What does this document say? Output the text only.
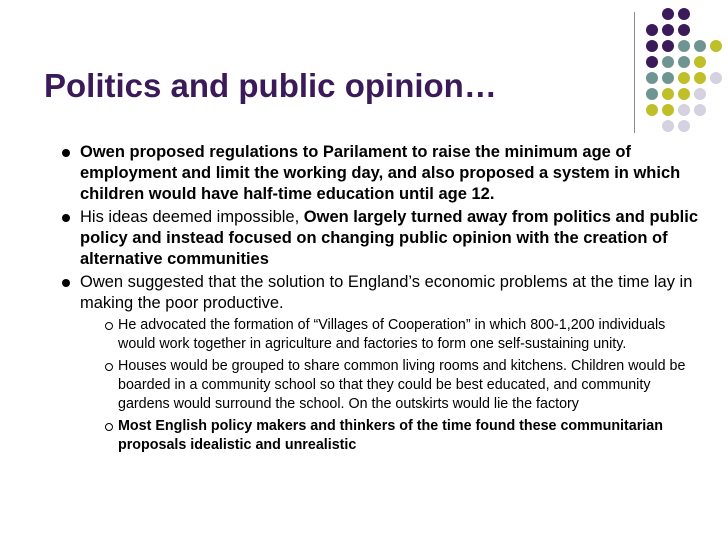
Politics and public opinion…
Owen proposed regulations to Parilament to raise the minimum age of employment and limit the working day, and also proposed a system in which children would have half-time education until age 12.
His ideas deemed impossible, Owen largely turned away from politics and public policy and instead focused on changing public opinion with the creation of alternative communities
Owen suggested that the solution to England’s economic problems at the time lay in making the poor productive.
He advocated the formation of “Villages of Cooperation” in which 800-1,200 individuals would work together in agriculture and factories to form one self-sustaining unity.
Houses would be grouped to share common living rooms and kitchens. Children would be boarded in a community school so that they could be best educated, and community gardens would surround the school. On the outskirts would lie the factory
Most English policy makers and thinkers of the time found these communitarian proposals idealistic and unrealistic
